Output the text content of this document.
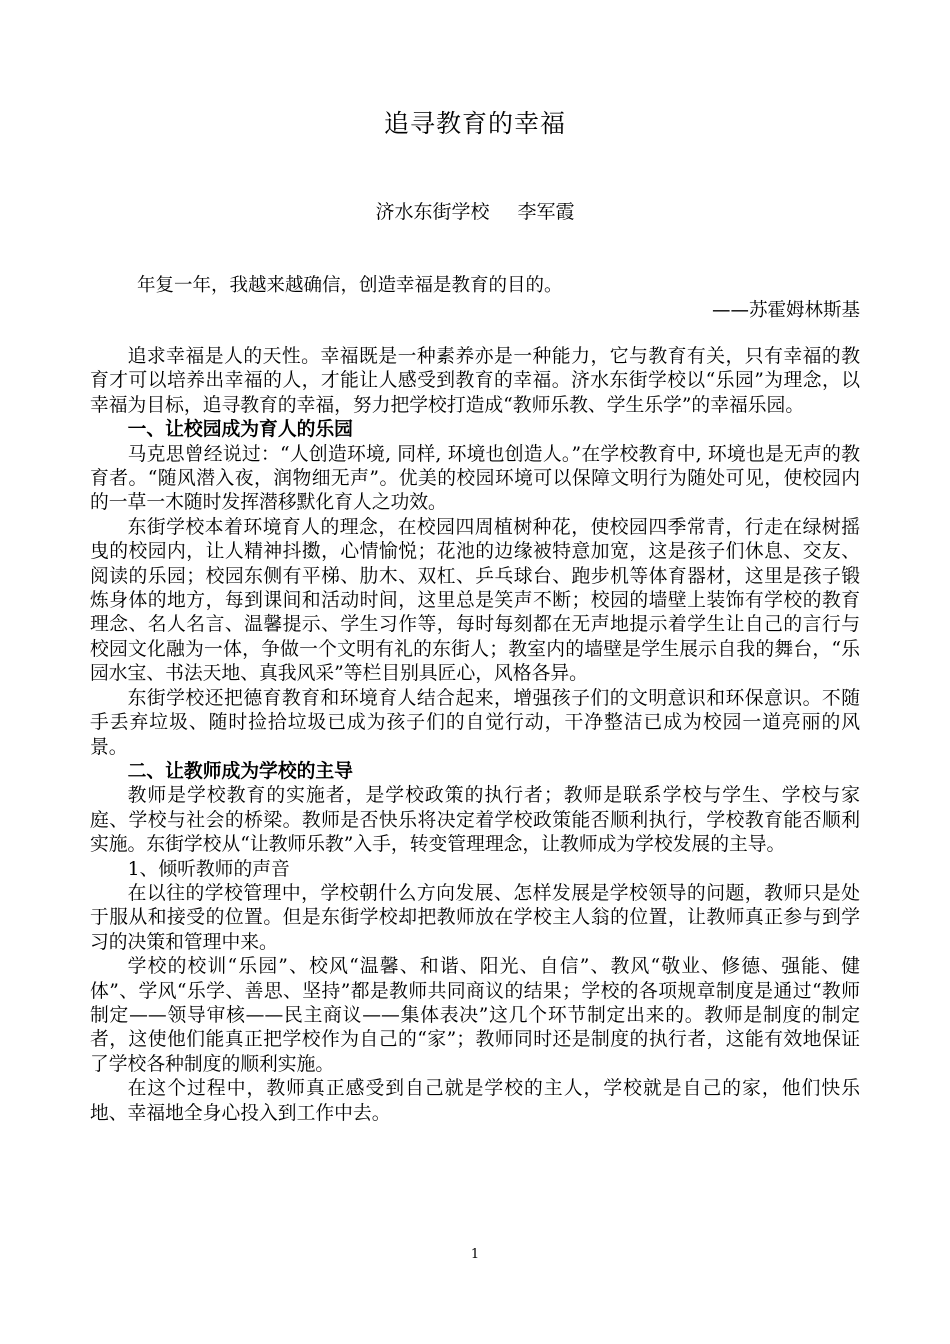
追寻教育的幸福
济水东街学校 李军霞
年复一年，我越来越确信，创造幸福是教育的目的。
——苏霍姆林斯基

追求幸福是人的天性。幸福既是一种素养亦是一种能力，它与教育有关，只有幸福的教育才可以培养出幸福的人，才能让人感受到教育的幸福。济水东街学校以“乐园”为理念，以幸福为目标，追寻教育的幸福，努力把学校打造成“教师乐教、学生乐学”的幸福乐园。

一、让校园成为育人的乐园

马克思曾经说过：“人创造环境, 同样, 环境也创造人。”在学校教育中, 环境也是无声的教育者。“随风潜入夜，润物细无声”。优美的校园环境可以保障文明行为随处可见，使校园内的一草一木随时发挥潜移默化育人之功效。

东街学校本着环境育人的理念，在校园四周植树种花，使校园四季常青，行走在绿树摇曳的校园内，让人精神抖擞，心情愉悦；花池的边缘被特意加宽，这是孩子们休息、交友、阅读的乐园；校园东侧有平梯、肋木、双杠、乒乓球台、跑步机等体育器材，这里是孩子锻炼身体的地方，每到课间和活动时间，这里总是笑声不断；校园的墙壁上装饰有学校的教育理念、名人名言、温馨提示、学生习作等，每时每刻都在无声地提示着学生让自己的言行与校园文化融为一体，争做一个文明有礼的东街人；教室内的墙壁是学生展示自我的舞台，“乐园水宝、书法天地、真我风采”等栏目别具匠心，风格各异。

东街学校还把德育教育和环境育人结合起来，增强孩子们的文明意识和环保意识。不随手丢弃垃圾、随时捡拾垃圾已成为孩子们的自觉行动，干净整洁已成为校园一道亮丽的风景。

二、让教师成为学校的主导

教师是学校教育的实施者，是学校政策的执行者；教师是联系学校与学生、学校与家庭、学校与社会的桥梁。教师是否快乐将决定着学校政策能否顺利执行，学校教育能否顺利实施。东街学校从“让教师乐教”入手，转变管理理念，让教师成为学校发展的主导。

1、倾听教师的声音

在以往的学校管理中，学校朝什么方向发展、怎样发展是学校领导的问题，教师只是处于服从和接受的位置。但是东街学校却把教师放在学校主人翁的位置，让教师真正参与到学习的决策和管理中来。

学校的校训“乐园”、校风“温馨、和谐、阳光、自信”、教风“敬业、修德、强能、健体”、学风“乐学、善思、坚持”都是教师共同商议的结果；学校的各项规章制度是通过“教师制定——领导审核——民主商议——集体表决”这几个环节制定出来的。教师是制度的制定者，这使他们能真正把学校作为自己的“家”；教师同时还是制度的执行者，这能有效地保证了学校各种制度的顺利实施。

在这个过程中，教师真正感受到自己就是学校的主人，学校就是自己的家，他们快乐地、幸福地全身心投入到工作中去。

1
